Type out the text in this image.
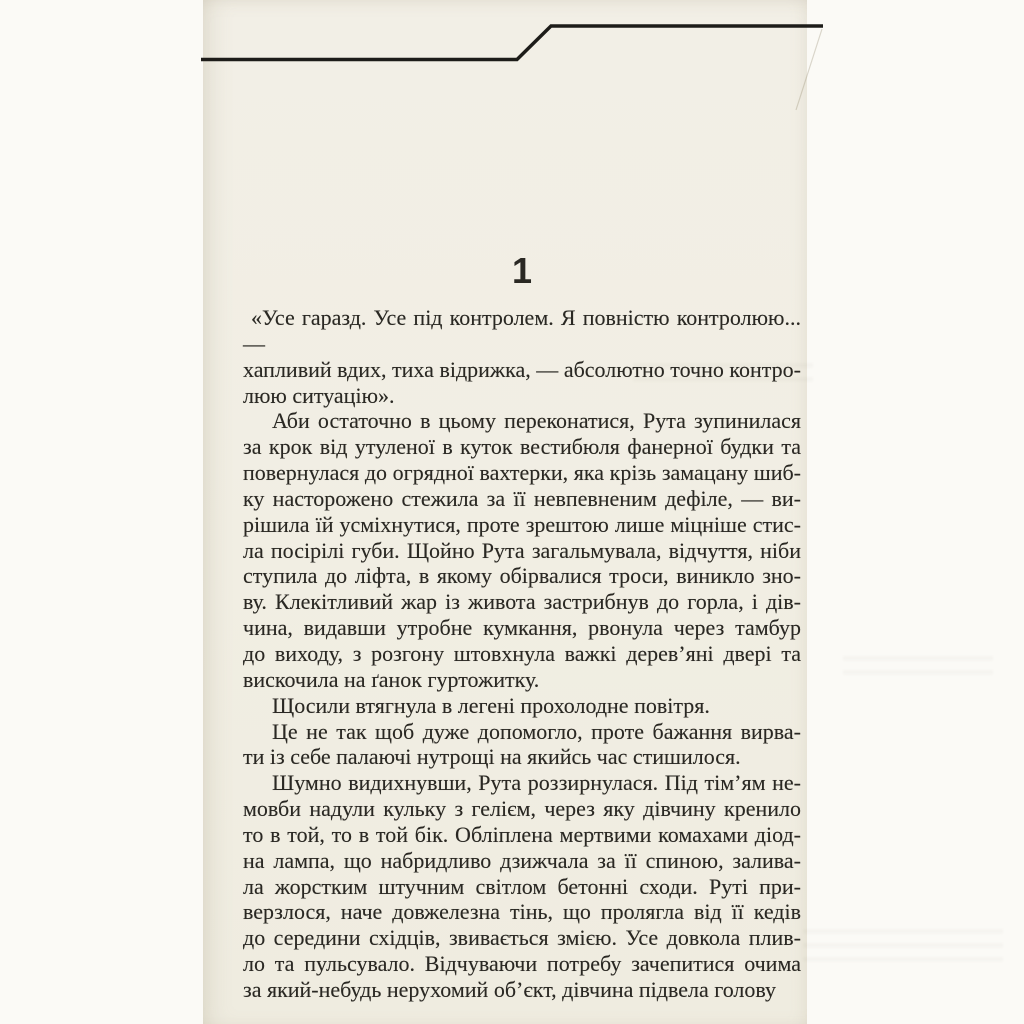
1
«Усе гаразд. Усе під контролем. Я повністю контролюю... —
хапливий вдих, тиха відрижка, — абсолютно точно контро-
люю ситуацію».
Аби остаточно в цьому переконатися, Рута зупинилася
за крок від утуленої в куток вестибюля фанерної будки та
повернулася до огрядної вахтерки, яка крізь замацану шиб-
ку насторожено стежила за її невпевненим дефіле, — ви-
рішила їй усміхнутися, проте зрештою лише міцніше стис-
ла посірілі губи. Щойно Рута загальмувала, відчуття, ніби
ступила до ліфта, в якому обірвалися троси, виникло зно-
ву. Клекітливий жар із живота застрибнув до горла, і дів-
чина, видавши утробне кумкання, рвонула через тамбур
до виходу, з розгону штовхнула важкі дерев’яні двері та
вискочила на ґанок гуртожитку.
Щосили втягнула в легені прохолодне повітря.
Це не так щоб дуже допомогло, проте бажання вирва-
ти із себе палаючі нутрощі на якийсь час стишилося.
Шумно видихнувши, Рута роззирнулася. Під тім’ям не-
мовби надули кульку з гелієм, через яку дівчину кренило
то в той, то в той бік. Обліплена мертвими комахами діод-
на лампа, що набридливо дзижчала за її спиною, залива-
ла жорстким штучним світлом бетонні сходи. Руті при-
верзлося, наче довжелезна тінь, що пролягла від її кедів
до середини східців, звивається змією. Усе довкола плив-
ло та пульсувало. Відчуваючи потребу зачепитися очима
за який-небудь нерухомий об’єкт, дівчина підвела голову
